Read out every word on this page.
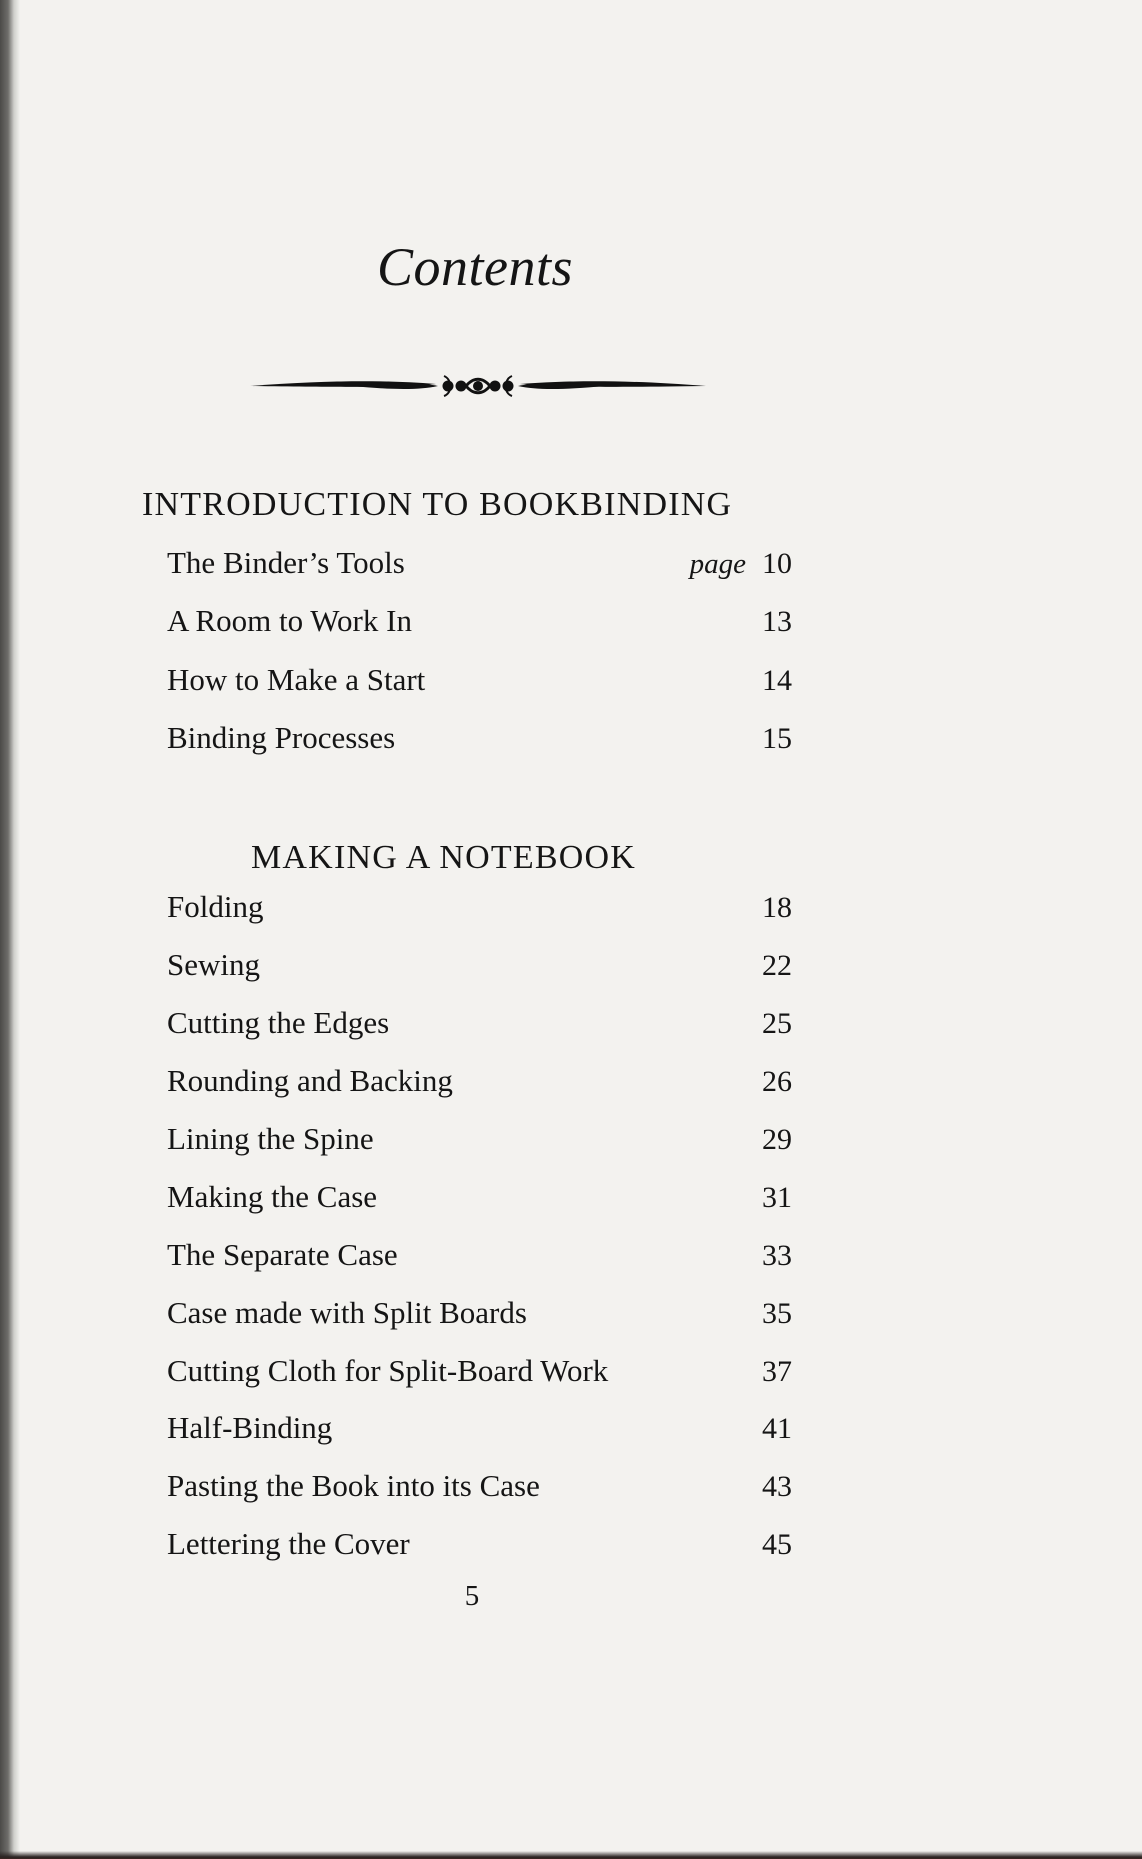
Contents
INTRODUCTION TO BOOKBINDING
The Binder’s Tools	page 10
A Room to Work In	13
How to Make a Start	14
Binding Processes	15
MAKING A NOTEBOOK
Folding	18
Sewing	22
Cutting the Edges	25
Rounding and Backing	26
Lining the Spine	29
Making the Case	31
The Separate Case	33
Case made with Split Boards	35
Cutting Cloth for Split-Board Work	37
Half-Binding	41
Pasting the Book into its Case	43
Lettering the Cover	45
5
